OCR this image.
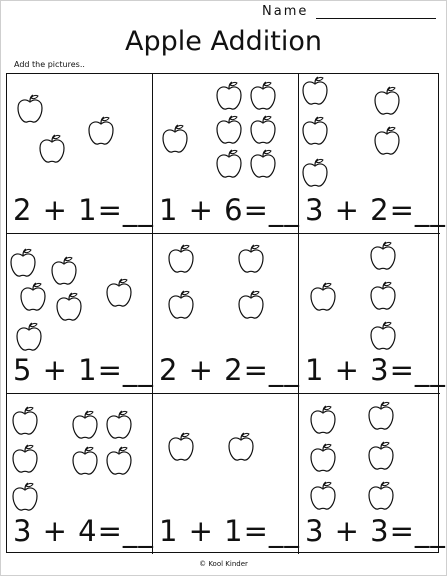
Name
Apple Addition
Add the pictures..
2 + 1=__ 1 + 6=__ 3 + 2=__
5 + 1=__ 2 + 2=__ 1 + 3=__
3 + 4=__ 1 + 1=__ 3 + 3=__
© Kool Kinder
